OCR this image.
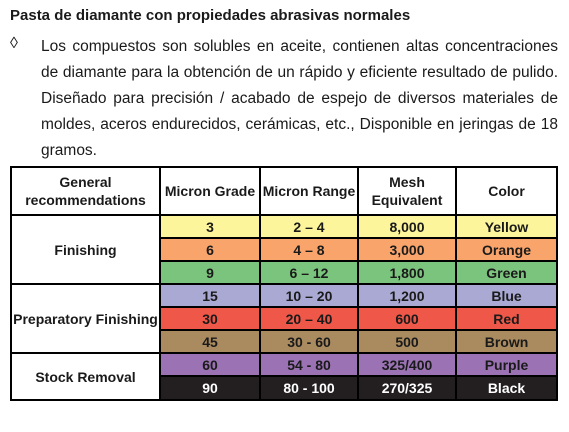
Pasta de diamante con propiedades abrasivas normales
◊ Los compuestos son solubles en aceite, contienen altas concentraciones de diamante para la obtención de un rápido y eficiente resultado de pulido. Diseñado para precisión / acabado de espejo de diversos materiales de moldes, aceros endurecidos, cerámicas, etc., Disponible en jeringas de 18 gramos.
General recommendations	Micron Grade	Micron Range	Mesh Equivalent	Color
Finishing	3	2 – 4	8,000	Yellow
	6	4 – 8	3,000	Orange
	9	6 – 12	1,800	Green
Preparatory Finishing	15	10 – 20	1,200	Blue
	30	20 – 40	600	Red
	45	30 - 60	500	Brown
Stock Removal	60	54 - 80	325/400	Purple
	90	80 - 100	270/325	Black
